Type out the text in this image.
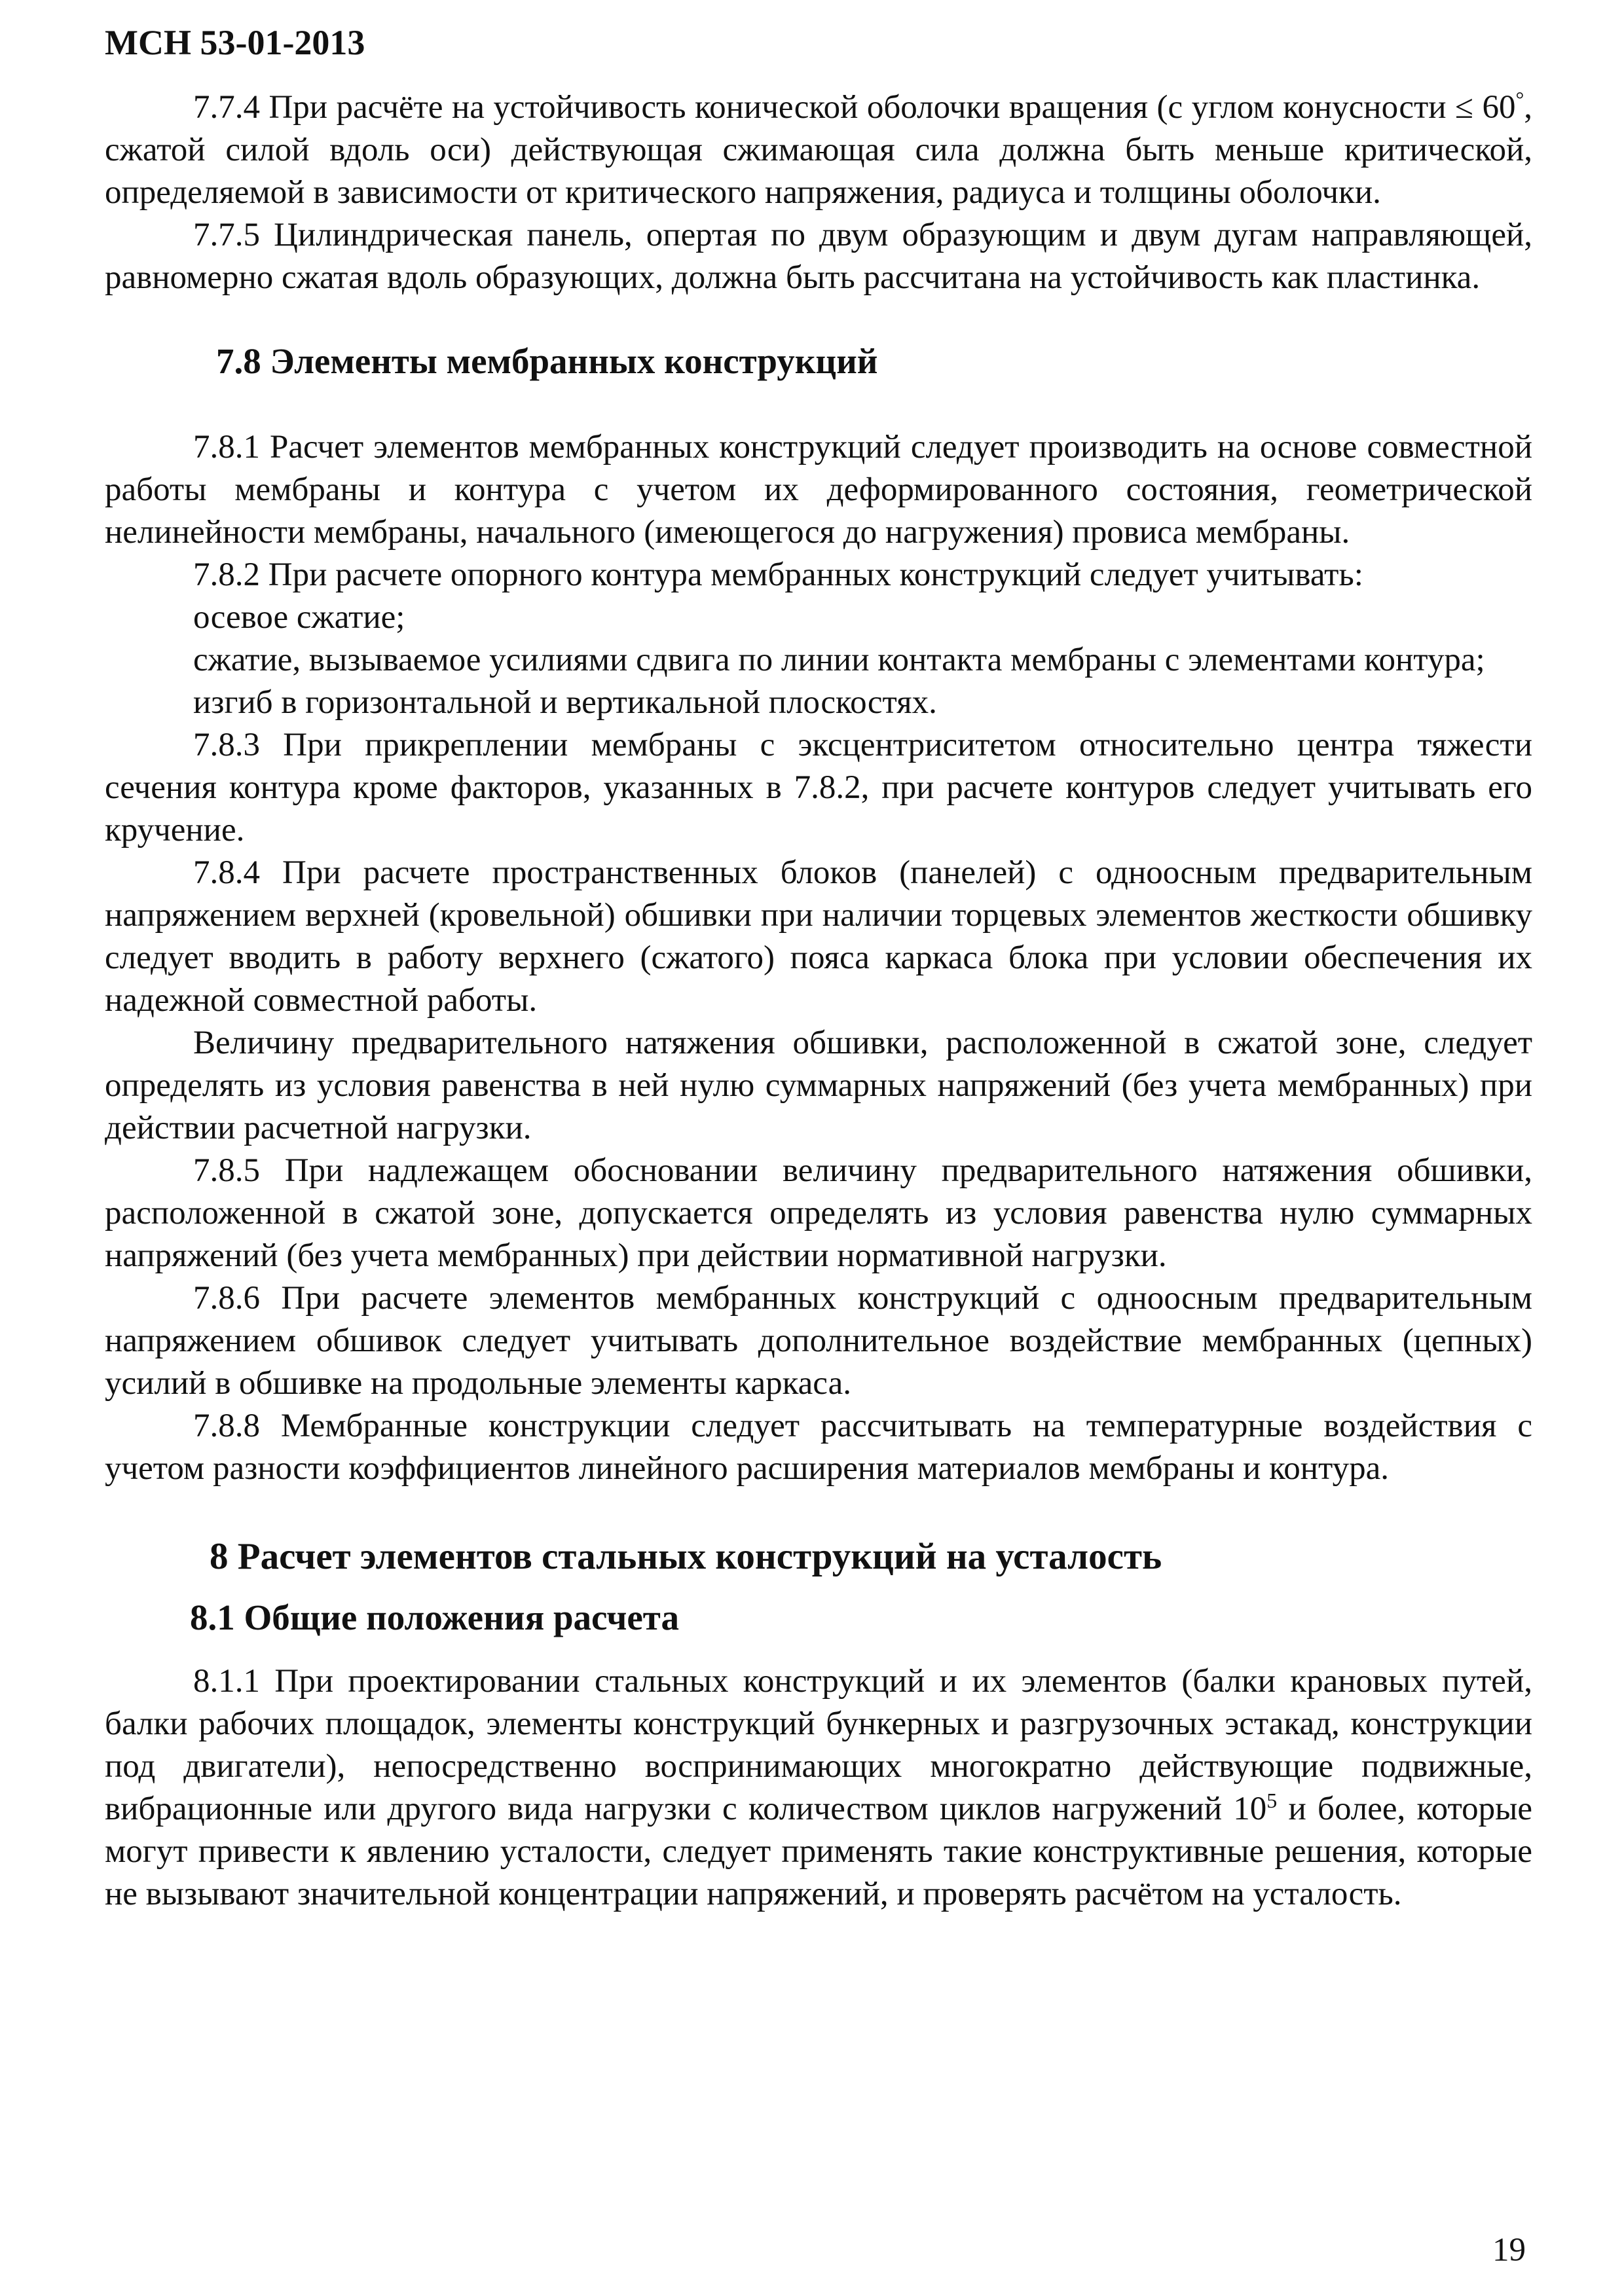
МСН 53-01-2013

7.7.4 При расчёте на устойчивость конической оболочки вращения (с углом конусности ≤ 60°, сжатой силой вдоль оси) действующая сжимающая сила должна быть меньше критической, определяемой в зависимости от критического напряжения, радиуса и толщины оболочки.

7.7.5 Цилиндрическая панель, опертая по двум образующим и двум дугам направляющей, равномерно сжатая вдоль образующих, должна быть рассчитана на устойчивость как пластинка.

7.8 Элементы мембранных конструкций

7.8.1 Расчет элементов мембранных конструкций следует производить на основе совместной работы мембраны и контура с учетом их деформированного состояния, геометрической нелинейности мембраны, начального (имеющегося до нагружения) провиса мембраны.

7.8.2 При расчете опорного контура мембранных конструкций следует учитывать:

осевое сжатие;

сжатие, вызываемое усилиями сдвига по линии контакта мембраны с элементами контура;

изгиб в горизонтальной и вертикальной плоскостях.

7.8.3 При прикреплении мембраны с эксцентриситетом относительно центра тяжести сечения контура кроме факторов, указанных в 7.8.2, при расчете контуров следует учитывать его кручение.

7.8.4 При расчете пространственных блоков (панелей) с одноосным предварительным напряжением верхней (кровельной) обшивки при наличии торцевых элементов жесткости обшивку следует вводить в работу верхнего (сжатого) пояса каркаса блока при условии обеспечения их надежной совместной работы.

Величину предварительного натяжения обшивки, расположенной в сжатой зоне, следует определять из условия равенства в ней нулю суммарных напряжений (без учета мембранных) при действии расчетной нагрузки.

7.8.5 При надлежащем обосновании величину предварительного натяжения обшивки, расположенной в сжатой зоне, допускается определять из условия равенства нулю суммарных напряжений (без учета мембранных) при действии нормативной нагрузки.

7.8.6 При расчете элементов мембранных конструкций с одноосным предварительным напряжением обшивок следует учитывать дополнительное воздействие мембранных (цепных) усилий в обшивке на продольные элементы каркаса.

7.8.8 Мембранные конструкции следует рассчитывать на температурные воздействия с учетом разности коэффициентов линейного расширения материалов мембраны и контура.

8 Расчет элементов стальных конструкций на усталость
8.1 Общие положения расчета

8.1.1 При проектировании стальных конструкций и их элементов (балки крановых путей, балки рабочих площадок, элементы конструкций бункерных и разгрузочных эстакад, конструкции под двигатели), непосредственно воспринимающих многократно действующие подвижные, вибрационные или другого вида нагрузки с количеством циклов нагружений $10^5$ и более, которые могут привести к явлению усталости, следует применять такие конструктивные решения, которые не вызывают значительной концентрации напряжений, и проверять расчётом на усталость.

19
